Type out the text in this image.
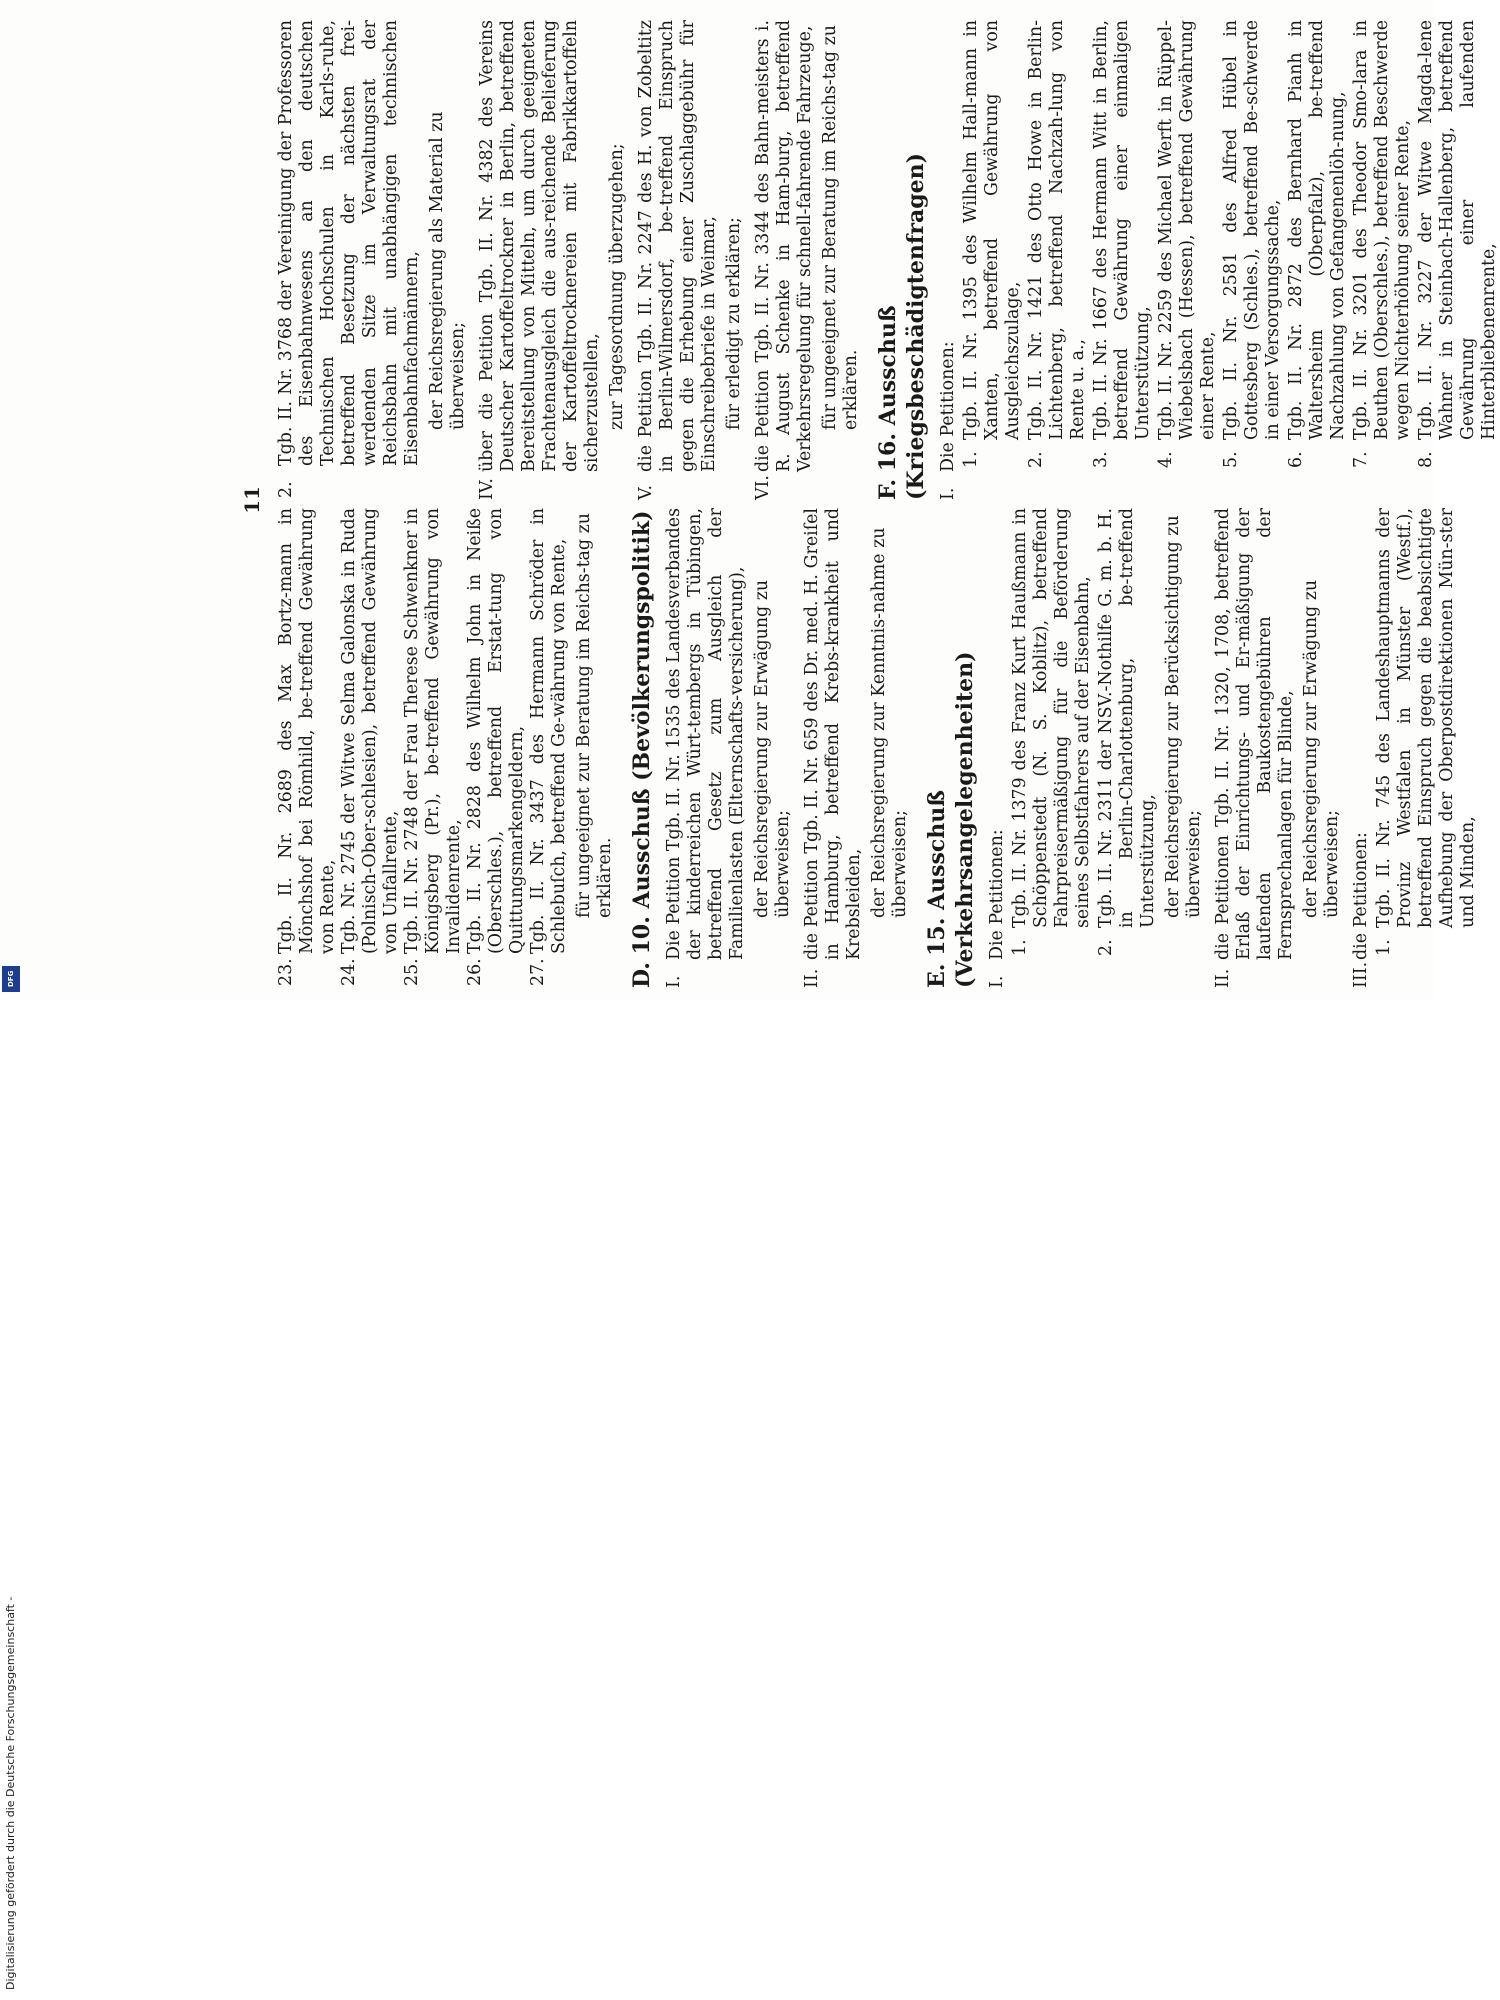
11

23.
Tgb. II. Nr. 2689 des Max Bortz-mann in Mönchshof bei Römhild, be-treffend Gewährung von Rente,

24.
Tgb. Nr. 2745 der Witwe Selma Galonska in Ruda (Polnisch-Ober-schlesien), betreffend Gewährung von Unfallrente,

25.
Tgb. II. Nr. 2748 der Frau Therese Schwenkner in Königsberg (Pr.), be-treffend Gewährung von Invalidenrente,

26.
Tgb. II. Nr. 2828 des Wilhelm John in Neiße (Oberschles.), betreffend Erstat-tung von Quittungsmarkengeldern,

27.
Tgb. II. Nr. 3437 des Hermann Schröder in Schlebuſch, betreffend Ge-währung von Rente, für ungeeignet zur Beratung im Reichs-tag zu erklären. D. 10. Ausschuß (Bevölkerungspolitik) I.
Die Petition Tgb. II. Nr. 1535 des Landesverbandes der kinderreichen Würt-tembergs in Tübingen, betreffend Gesetz zum Ausgleich der Familienlasten (Elternschafts-versicherung), der Reichsregierung zur Erwägung zu überweisen;

II.
die Petition Tgb. II. Nr. 659 des Dr. med. H. Greiſel in Hamburg, betreffend Krebs-krankheit und Krebsleiden, der Reichsregierung zur Kenntnis-nahme zu überweisen; E. 15. Ausschuß (Verkehrsangelegenheiten) I.
Die Petitionen: 1.
Tgb. II. Nr. 1379 des Franz Kurt Haußmann in Schöppenstedt (N. S. Koblitz), betreffend Fahrpreisermäßigung für die Beförderung seines Selbstfahrers auf der Eisenbahn,

2.
Tgb. II. Nr. 2311 der NSV.-Nothilfe G. m. b. H. in Berlin-Charlottenburg, be-treffend Unterstützung, der Reichsregierung zur Berücksichtigung zu überweisen;

II.
die Petitionen Tgb. II. Nr. 1320, 1708, betreffend Erlaß der Einrichtungs- und Er-mäßigung der laufenden Baukostengebühren der Fernsprechanlagen für Blinde, der Reichsregierung zur Erwägung zu überweisen;

III.
die Petitionen: 1.
Tgb. II. Nr. 745 des Landeshauptmanns der Provinz Westfalen in Münster (Westf.), betreffend Einspruch gegen die beabsichtigte Aufhebung der Oberpostdirektionen Mün-ster und Minden,

2.
Tgb. II. Nr. 3768 der Vereinigung der Professoren des Eisenbahnwesens an den deutschen Technischen Hochschulen in Karls-ruhe, betreffend Besetzung der nächsten frei-werdenden Sitze im Verwaltungsrat der Reichsbahn mit unabhängigen technischen Eisenbahnfachmännern, der Reichsregierung als Material zu überweisen;

IV.
über die Petition Tgb. II. Nr. 4382 des Vereins Deutscher Kartoffeltrockner in Berlin, betreffend Bereitstellung von Mitteln, um durch geeigneten Frachtenausgleich die aus-reichende Belieferung der Kartoffeltrocknereien mit Fabrikkartoffeln sicherzustellen, zur Tagesordnung überzugehen;

V.
die Petition Tgb. II. Nr. 2247 des H. von Zobeltitz in Berlin-Wilmersdorf, be-treffend Einspruch gegen die Erhebung einer Zuschlaggebühr für Einschreibebriefe in Weimar, für erledigt zu erklären;

VI.
die Petition Tgb. II. Nr. 3344 des Bahn-meisters i. R. August Schenke in Ham-burg, betreffend Verkehrsregelung für schnell-fahrende Fahrzeuge, für ungeeignet zur Beratung im Reichs-tag zu erklären. F. 16. Ausschuß (Kriegsbeschädigtenfragen) I.
Die Petitionen: 1.
Tgb. II. Nr. 1395 des Wilhelm Hall-mann in Xanten, betreffend Gewährung von Ausgleichszulage,

2.
Tgb. II. Nr. 1421 des Otto Howe in Berlin-Lichtenberg, betreffend Nachzah-lung von Rente u. a.,

3.
Tgb. II. Nr. 1667 des Hermann Witt in Berlin, betreffend Gewährung einer einmaligen Unterstützung,

4.
Tgb. II. Nr. 2259 des Michael Werft in Rüppel-Wiebelsbach (Hessen), betreffend Gewährung einer Rente,

5.
Tgb. II. Nr. 2581 des Alfred Hübel in Gottesberg (Schles.), betreffend Be-schwerde in einer Versorgungssache,

6.
Tgb. II. Nr. 2872 des Bernhard Pianh in Waltersheim (Oberpfalz), be-treffend Nachzahlung von Gefangenenlöh-nung,

7.
Tgb. II. Nr. 3201 des Theodor Smo-lara in Beuthen (Oberschles.), betreffend Beschwerde wegen Nichterhöhung seiner Rente,

8.
Tgb. II. Nr. 3227 der Witwe Magda-lene Wahner in Steinbach-Hallenberg, betreffend Gewährung einer laufenden Hinterbliebenenrente,

Digitalisierung gefördert durch die Deutsche Forschungsgemeinschaft -
DFG
